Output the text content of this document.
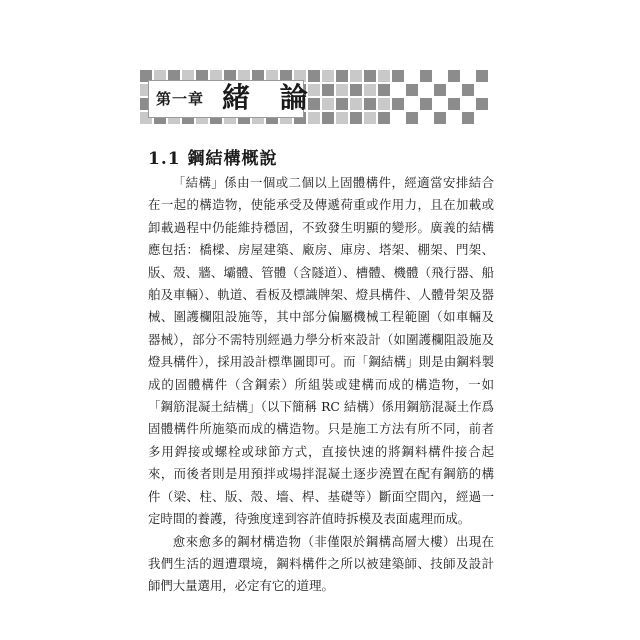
第一章 緒 論
1.1 鋼結構概說

「結構」係由一個或二個以上固體構件，經適當安排結合在一起的構造物，使能承受及傳遞荷重或作用力，且在加載或卸載過程中仍能維持穩固，不致發生明顯的變形。廣義的結構應包括：橋樑、房屋建築、廠房、庫房、塔架、棚架、門架、版、殼、牆、壩體、管體（含隧道）、槽體、機體（飛行器、船舶及車輛）、軌道、看板及標識牌架、燈具構件、人體骨架及器械、圍護欄阻設施等，其中部分偏屬機械工程範圍（如車輛及器械），部分不需特別經過力學分析來設計（如圍護欄阻設施及燈具構件），採用設計標準圖即可。而「鋼結構」則是由鋼料製成的固體構件（含鋼索）所組裝或建構而成的構造物，一如「鋼筋混凝土結構」（以下簡稱 RC 結構）係用鋼筋混凝土作爲固體構件所施築而成的構造物。只是施工方法有所不同，前者多用銲接或螺栓或球節方式，直接快速的將鋼料構件接合起來，而後者則是用預拌或場拌混凝土逐步澆置在配有鋼筋的構件（梁、柱、版、殼、墻、桿、基礎等）斷面空間內，經過一定時間的養護，待強度達到容許值時拆模及表面處理而成。

愈來愈多的鋼材構造物（非僅限於鋼構高層大樓）出現在我們生活的週遭環境，鋼料構件之所以被建築師、技師及設計師們大量選用，必定有它的道理。
